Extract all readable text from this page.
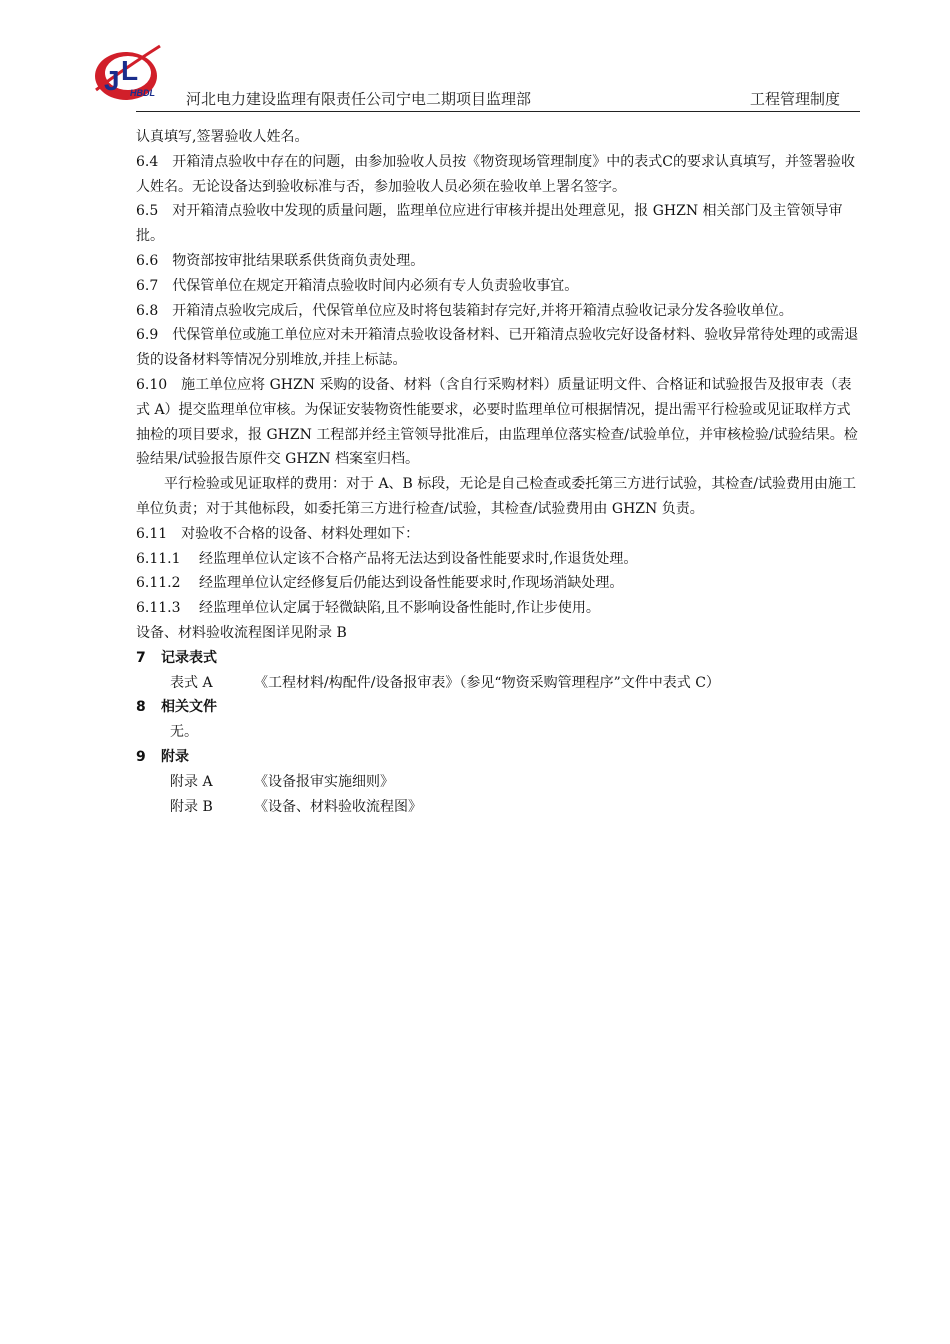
J L
HBDL 河北电力建设监理有限责任公司宁电二期项目监理部	工程管理制度

认真填写,签署验收人姓名。

6.4　开箱清点验收中存在的问题，由参加验收人员按《物资现场管理制度》中的表式C的要求认真填写，并签署验收人姓名。无论设备达到验收标准与否，参加验收人员必须在验收单上署名签字。

6.5　对开箱清点验收中发现的质量问题，监理单位应进行审核并提出处理意见，报 GHZN 相关部门及主管领导审批。

6.6　物资部按审批结果联系供货商负责处理。

6.7　代保管单位在规定开箱清点验收时间内必须有专人负责验收事宜。

6.8　开箱清点验收完成后，代保管单位应及时将包装箱封存完好,并将开箱清点验收记录分发各验收单位。

6.9　代保管单位或施工单位应对未开箱清点验收设备材料、已开箱清点验收完好设备材料、验收异常待处理的或需退货的设备材料等情况分别堆放,并挂上标誌。

6.10　施工单位应将 GHZN 采购的设备、材料（含自行采购材料）质量证明文件、合格证和试验报告及报审表（表式 A）提交监理单位审核。为保证安装物资性能要求，必要时监理单位可根据情况，提出需平行检验或见证取样方式抽检的项目要求，报 GHZN 工程部并经主管领导批准后，由监理单位落实检查/试验单位，并审核检验/试验结果。检验结果/试验报告原件交 GHZN 档案室归档。

平行检验或见证取样的费用：对于 A、B 标段，无论是自己检查或委托第三方进行试验，其检查/试验费用由施工单位负责；对于其他标段，如委托第三方进行检查/试验，其检查/试验费用由 GHZN 负责。

6.11　对验收不合格的设备、材料处理如下：

6.11.1　 经监理单位认定该不合格产品将无法达到设备性能要求时,作退货处理。

6.11.2　 经监理单位认定经修复后仍能达到设备性能要求时,作现场消缺处理。

6.11.3　 经监理单位认定属于轻微缺陷,且不影响设备性能时,作让步使用。

设备、材料验收流程图详见附录 B

7	记录表式
表式 A	《工程材料/构配件/设备报审表》（参见“物资采购管理程序”文件中表式 C）
8	相关文件
无。
9	附录
附录 A	《设备报审实施细则》
附录 B	《设备、材料验收流程图》
